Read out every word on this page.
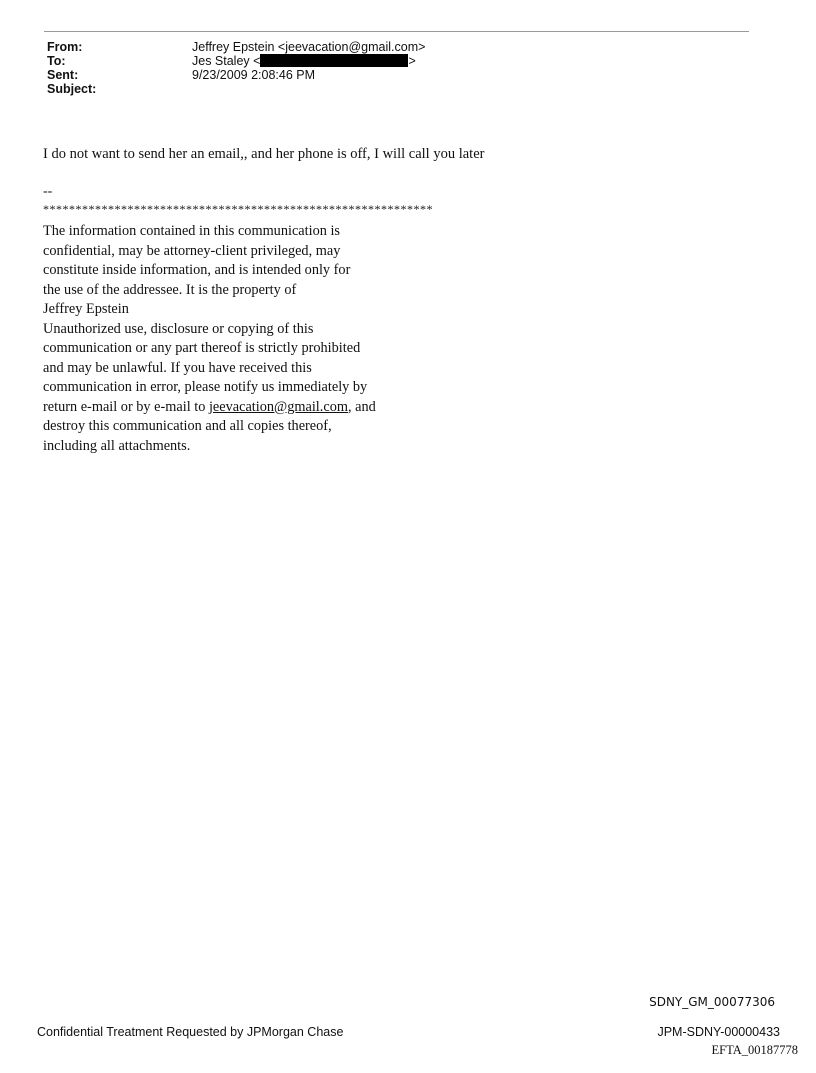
From:	Jeffrey Epstein <jeevacation@gmail.com>
To:	Jes Staley <	>
Sent:	9/23/2009 2:08:46 PM
Subject:
I do not want to send her an email,, and her phone is off, I will call you later
--
************************************************************
The information contained in this communication is
confidential, may be attorney-client privileged, may
constitute inside information, and is intended only for
the use of the addressee. It is the property of
Jeffrey Epstein
Unauthorized use, disclosure or copying of this
communication or any part thereof is strictly prohibited
and may be unlawful. If you have received this
communication in error, please notify us immediately by
return e-mail or by e-mail to jeevacation@gmail.com, and
destroy this communication and all copies thereof,
including all attachments.
SDNY_GM_00077306
Confidential Treatment Requested by JPMorgan Chase	JPM-SDNY-00000433
EFTA_00187778
